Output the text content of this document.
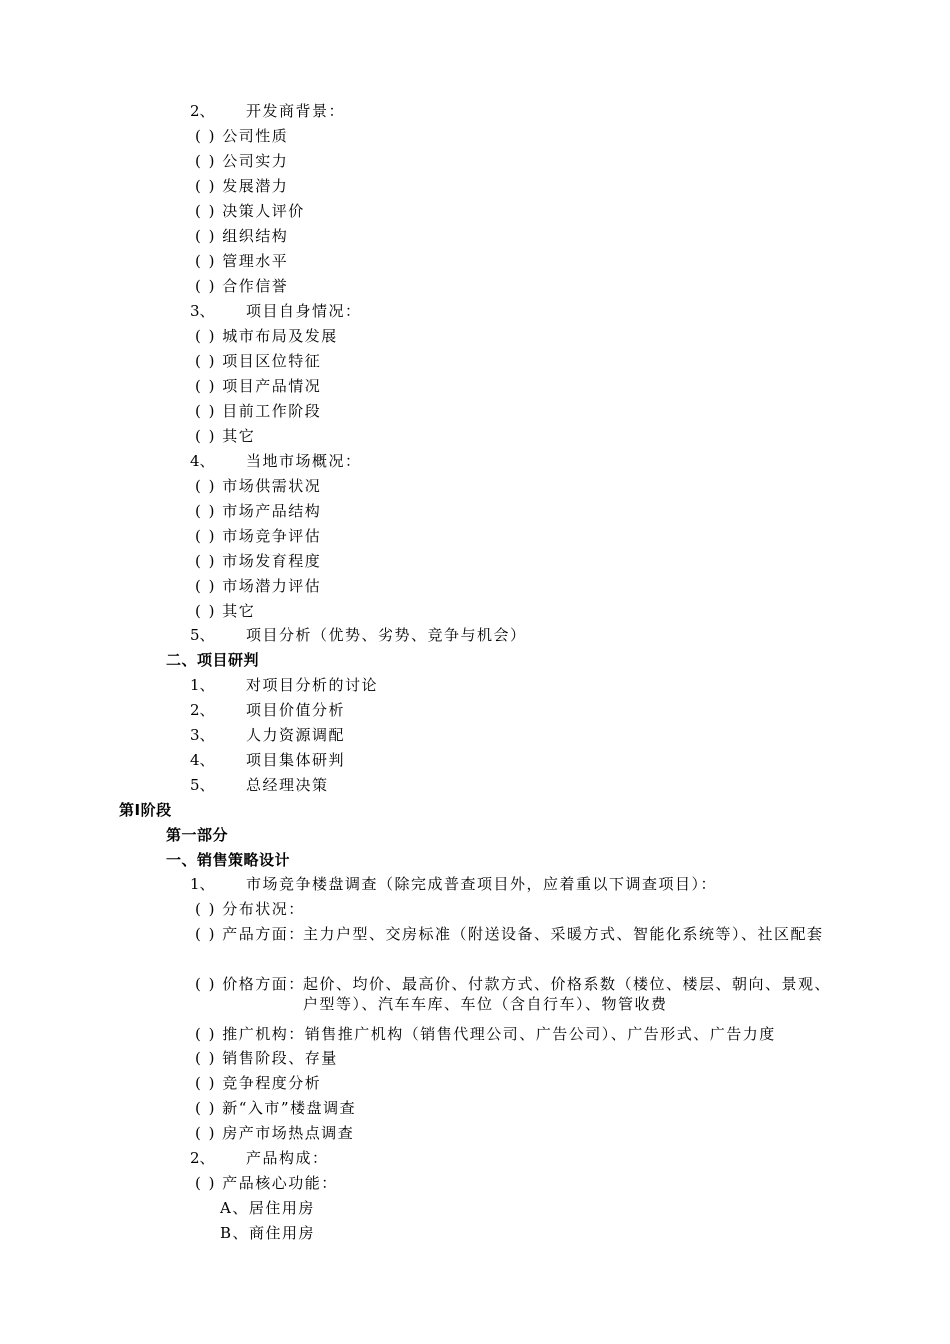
2、 开发商背景：
( ) 公司性质
( ) 公司实力
( ) 发展潜力
( ) 决策人评价
( ) 组织结构
( ) 管理水平
( ) 合作信誉
3、 项目自身情况：
( ) 城市布局及发展
( ) 项目区位特征
( ) 项目产品情况
( ) 目前工作阶段
( ) 其它
4、 当地市场概况：
( ) 市场供需状况
( ) 市场产品结构
( ) 市场竞争评估
( ) 市场发育程度
( ) 市场潜力评估
( ) 其它
5、 项目分析（优势、劣势、竞争与机会）
二、项目研判
1、 对项目分析的讨论
2、 项目价值分析
3、 人力资源调配
4、 项目集体研判
5、 总经理决策
第Ⅰ阶段
第一部分
一、销售策略设计
1、 市场竞争楼盘调查（除完成普查项目外，应着重以下调查项目）：
( ) 分布状况：
( ) 产品方面：
主力户型、交房标准（附送设备、采暖方式、智能化系统等）、社区配套
( ) 价格方面：
起价、均价、最高价、付款方式、价格系数（楼位、楼层、朝向、景观、户型等）、汽车车库、车位（含自行车）、物管收费
( ) 推广机构：销售推广机构（销售代理公司、广告公司）、广告形式、广告力度
( ) 销售阶段、存量
( ) 竞争程度分析
( ) 新“入市”楼盘调查
( ) 房产市场热点调查
2、 产品构成：
( ) 产品核心功能：
A、居住用房
B、商住用房
